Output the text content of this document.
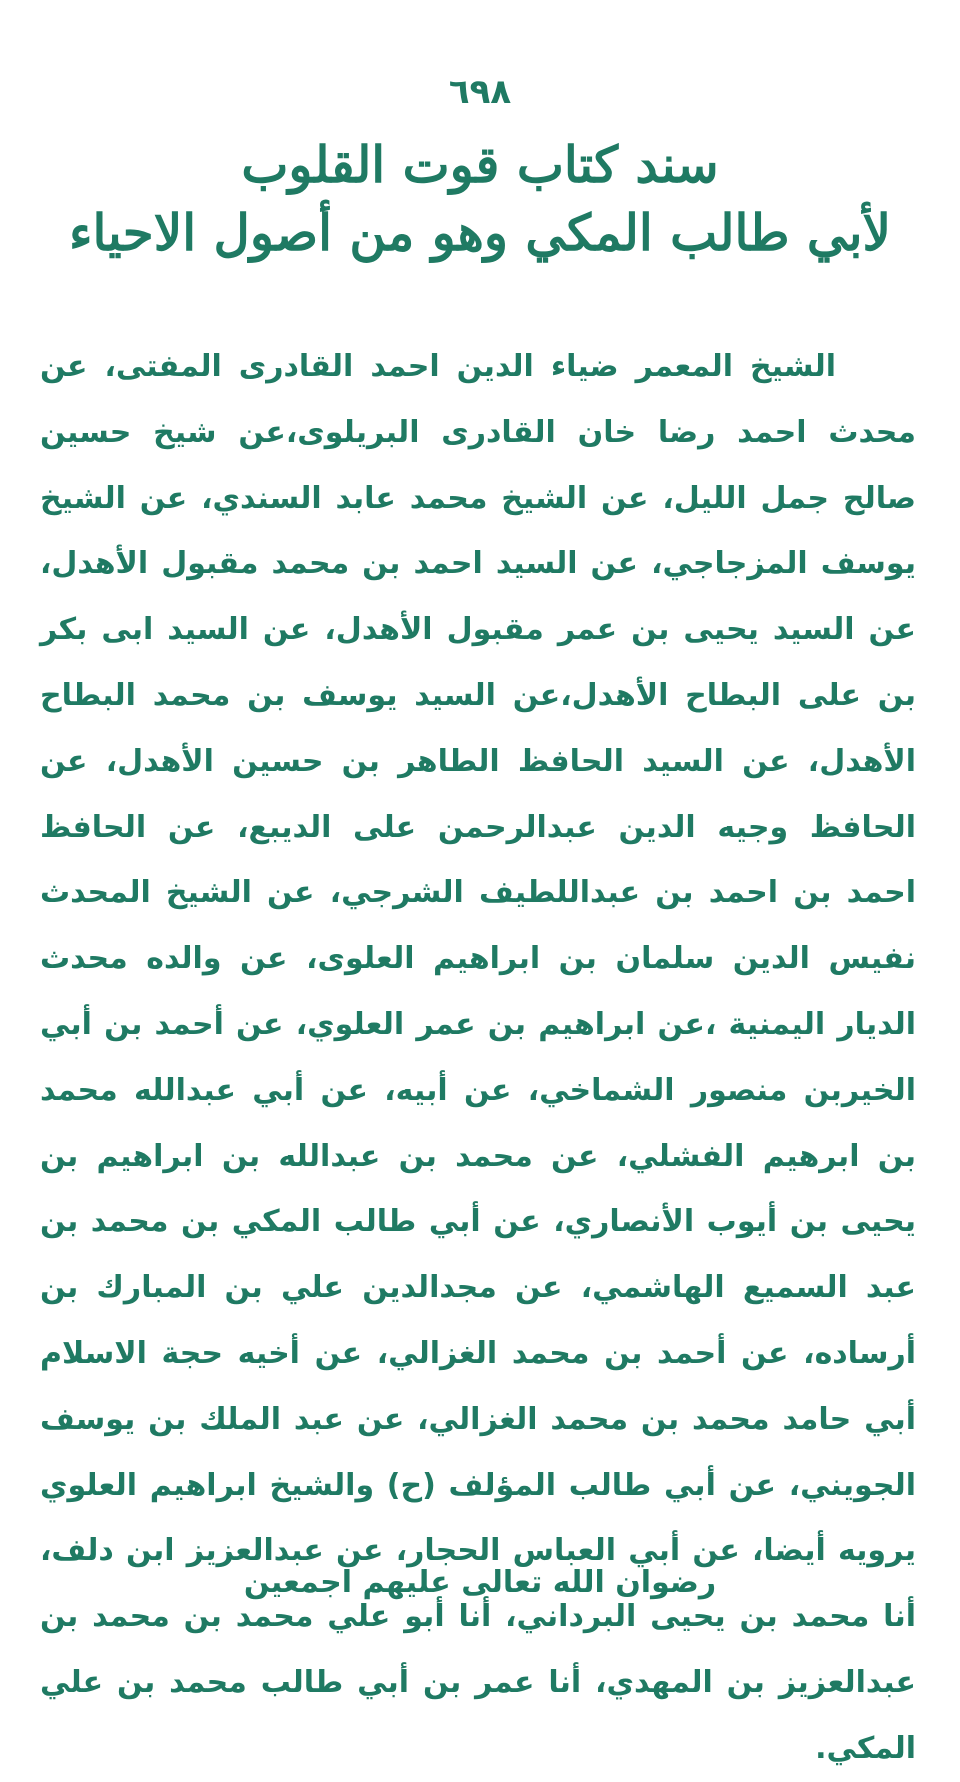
٦٩٨
سند كتاب قوت القلوب
لأبي طالب المكي وهو من أصول الاحياء

الشيخ المعمر ضياء الدين احمد القادرى المفتى، عن محدث احمد رضا خان القادرى البريلوى،عن شيخ حسين صالح جمل الليل، عن الشيخ محمد عابد السندي، عن الشيخ يوسف المزجاجي، عن السيد احمد بن محمد مقبول الأهدل، عن السيد يحيى بن عمر مقبول الأهدل، عن السيد ابى بكر بن على البطاح الأهدل،عن السيد يوسف بن محمد البطاح الأهدل، عن السيد الحافظ الطاهر بن حسين الأهدل، عن الحافظ وجيه الدين عبدالرحمن على الديبع، عن الحافظ احمد بن احمد بن عبداللطيف الشرجي، عن الشيخ المحدث نفيس الدين سلمان بن ابراهيم العلوى، عن والده محدث الديار اليمنية ،عن ابراهيم بن عمر العلوي، عن أحمد بن أبي الخيربن منصور الشماخي، عن أبيه، عن أبي عبدالله محمد بن ابرهيم الفشلي، عن محمد بن عبدالله بن ابراهيم بن يحيى بن أيوب الأنصاري، عن أبي طالب المكي بن محمد بن عبد السميع الهاشمي، عن مجدالدين علي بن المبارك بن أرساده، عن أحمد بن محمد الغزالي، عن أخيه حجة الاسلام أبي حامد محمد بن محمد الغزالي، عن عبد الملك بن يوسف الجويني، عن أبي طالب المؤلف (ح) والشيخ ابراهيم العلوي يرويه أيضا، عن أبي العباس الحجار، عن عبدالعزيز ابن دلف، أنا محمد بن يحيى البرداني، أنا أبو علي محمد بن محمد بن عبدالعزيز بن المهدي، أنا عمر بن أبي طالب محمد بن علي المكي.

رضوان الله تعالى عليهم اجمعين
